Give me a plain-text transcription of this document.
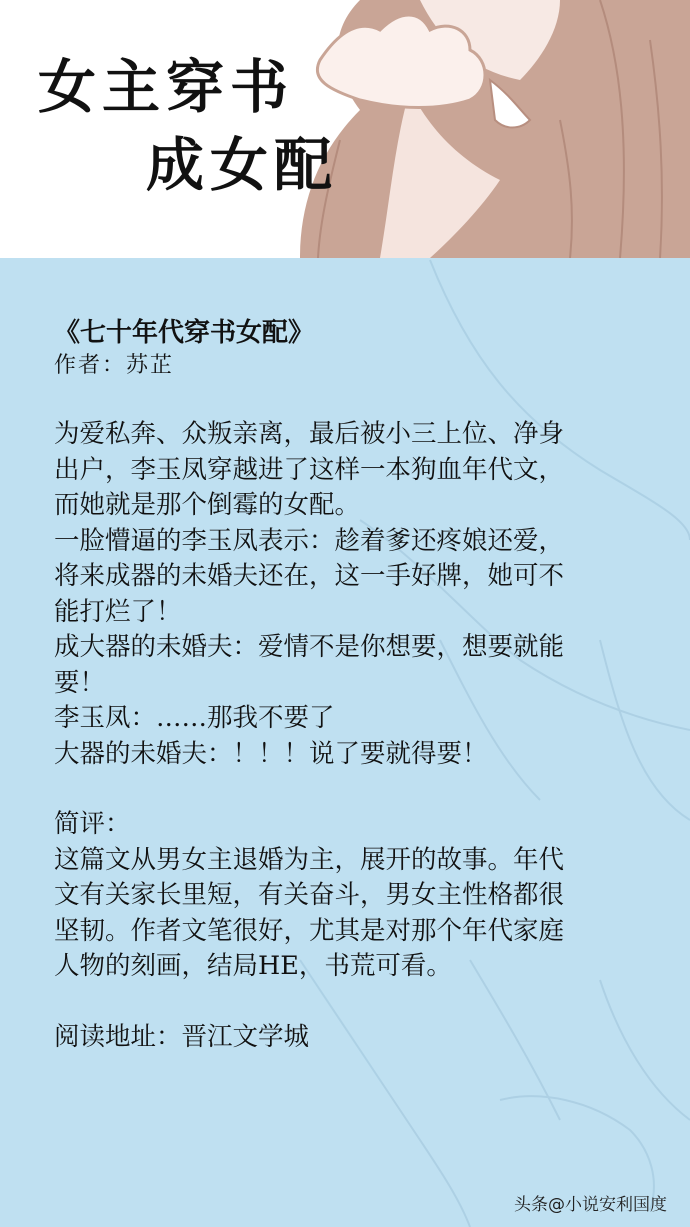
女主穿书
成女配

《七十年代穿书女配》

作者：苏芷

为爱私奔、众叛亲离，最后被小三上位、净身

出户，李玉凤穿越进了这样一本狗血年代文，

而她就是那个倒霉的女配。

一脸懵逼的李玉凤表示：趁着爹还疼娘还爱，

将来成器的未婚夫还在，这一手好牌，她可不

能打烂了！

成大器的未婚夫：爱情不是你想要，想要就能

要！

李玉凤：……那我不要了

大器的未婚夫：！！！说了要就得要！

简评：

这篇文从男女主退婚为主，展开的故事。年代

文有关家长里短，有关奋斗，男女主性格都很

坚韧。作者文笔很好，尤其是对那个年代家庭

人物的刻画，结局HE，书荒可看。

阅读地址：晋江文学城

头条@小说安利国度
